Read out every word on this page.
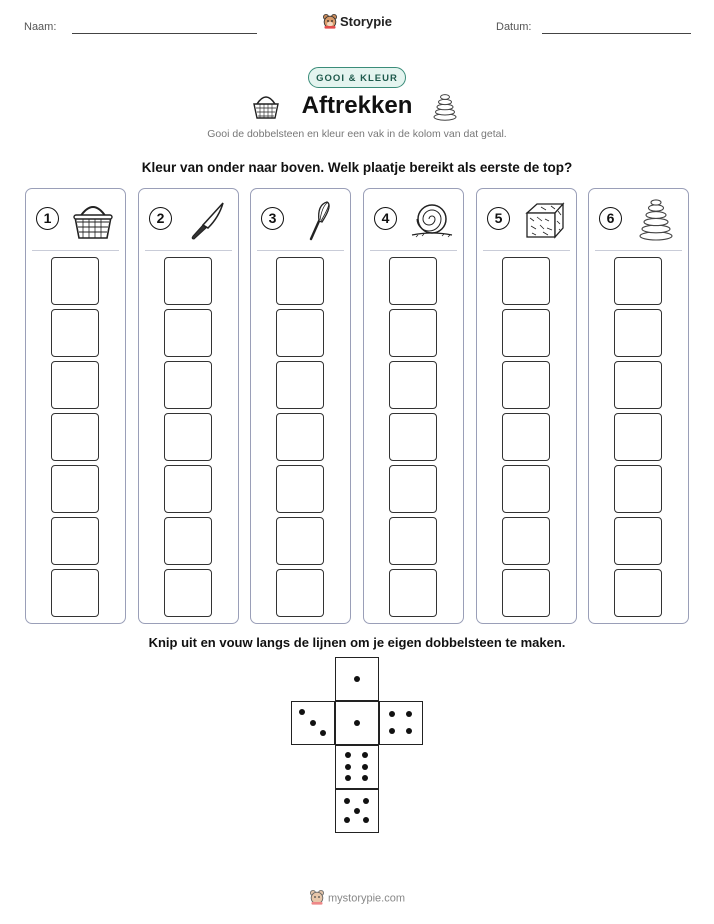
Naam:	Storypie	Datum:
GOOI & KLEUR
Aftrekken
Gooi de dobbelsteen en kleur een vak in de kolom van dat getal.
Kleur van onder naar boven. Welk plaatje bereikt als eerste de top?
1	2	3	4	5	6
Knip uit en vouw langs de lijnen om je eigen dobbelsteen te maken.
mystorypie.com
